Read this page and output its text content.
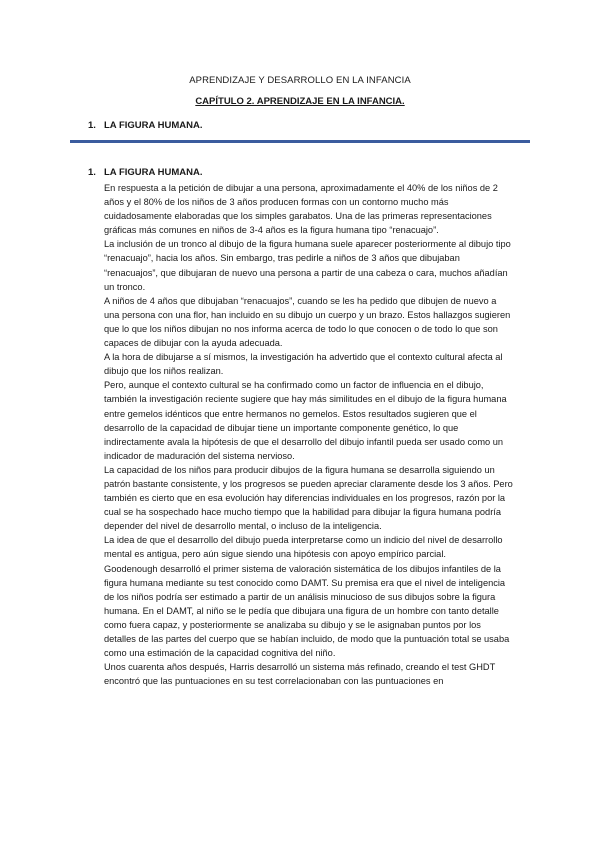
APRENDIZAJE Y DESARROLLO EN LA INFANCIA
CAPÍTULO 2. APRENDIZAJE EN LA INFANCIA.
1. LA FIGURA HUMANA.
1. LA FIGURA HUMANA.

En respuesta a la petición de dibujar a una persona, aproximadamente el 40% de los niños de 2 años y el 80% de los niños de 3 años producen formas con un contorno mucho más cuidadosamente elaboradas que los simples garabatos. Una de las primeras representaciones gráficas más comunes en niños de 3-4 años es la figura humana tipo “renacuajo”.

La inclusión de un tronco al dibujo de la figura humana suele aparecer posteriormente al dibujo tipo “renacuajo”, hacia los años. Sin embargo, tras pedirle a niños de 3 años que dibujaban “renacuajos”, que dibujaran de nuevo una persona a partir de una cabeza o cara, muchos añadían un tronco.

A niños de 4 años que dibujaban “renacuajos”, cuando se les ha pedido que dibujen de nuevo a una persona con una flor, han incluido en su dibujo un cuerpo y un brazo. Estos hallazgos sugieren que lo que los niños dibujan no nos informa acerca de todo lo que conocen o de todo lo que son capaces de dibujar con la ayuda adecuada.

A la hora de dibujarse a sí mismos, la investigación ha advertido que el contexto cultural afecta al dibujo que los niños realizan.

Pero, aunque el contexto cultural se ha confirmado como un factor de influencia en el dibujo, también la investigación reciente sugiere que hay más similitudes en el dibujo de la figura humana entre gemelos idénticos que entre hermanos no gemelos. Estos resultados sugieren que el desarrollo de la capacidad de dibujar tiene un importante componente genético, lo que indirectamente avala la hipótesis de que el desarrollo del dibujo infantil pueda ser usado como un indicador de maduración del sistema nervioso.

La capacidad de los niños para producir dibujos de la figura humana se desarrolla siguiendo un patrón bastante consistente, y los progresos se pueden apreciar claramente desde los 3 años. Pero también es cierto que en esa evolución hay diferencias individuales en los progresos, razón por la cual se ha sospechado hace mucho tiempo que la habilidad para dibujar la figura humana podría depender del nivel de desarrollo mental, o incluso de la inteligencia.

La idea de que el desarrollo del dibujo pueda interpretarse como un indicio del nivel de desarrollo mental es antigua, pero aún sigue siendo una hipótesis con apoyo empírico parcial.

Goodenough desarrolló el primer sistema de valoración sistemática de los dibujos infantiles de la figura humana mediante su test conocido como DAMT. Su premisa era que el nivel de inteligencia de los niños podría ser estimado a partir de un análisis minucioso de sus dibujos sobre la figura humana. En el DAMT, al niño se le pedía que dibujara una figura de un hombre con tanto detalle como fuera capaz, y posteriormente se analizaba su dibujo y se le asignaban puntos por los detalles de las partes del cuerpo que se habían incluido, de modo que la puntuación total se usaba como una estimación de la capacidad cognitiva del niño.

Unos cuarenta años después, Harris desarrolló un sistema más refinado, creando el test GHDT encontró que las puntuaciones en su test correlacionaban con las puntuaciones en
